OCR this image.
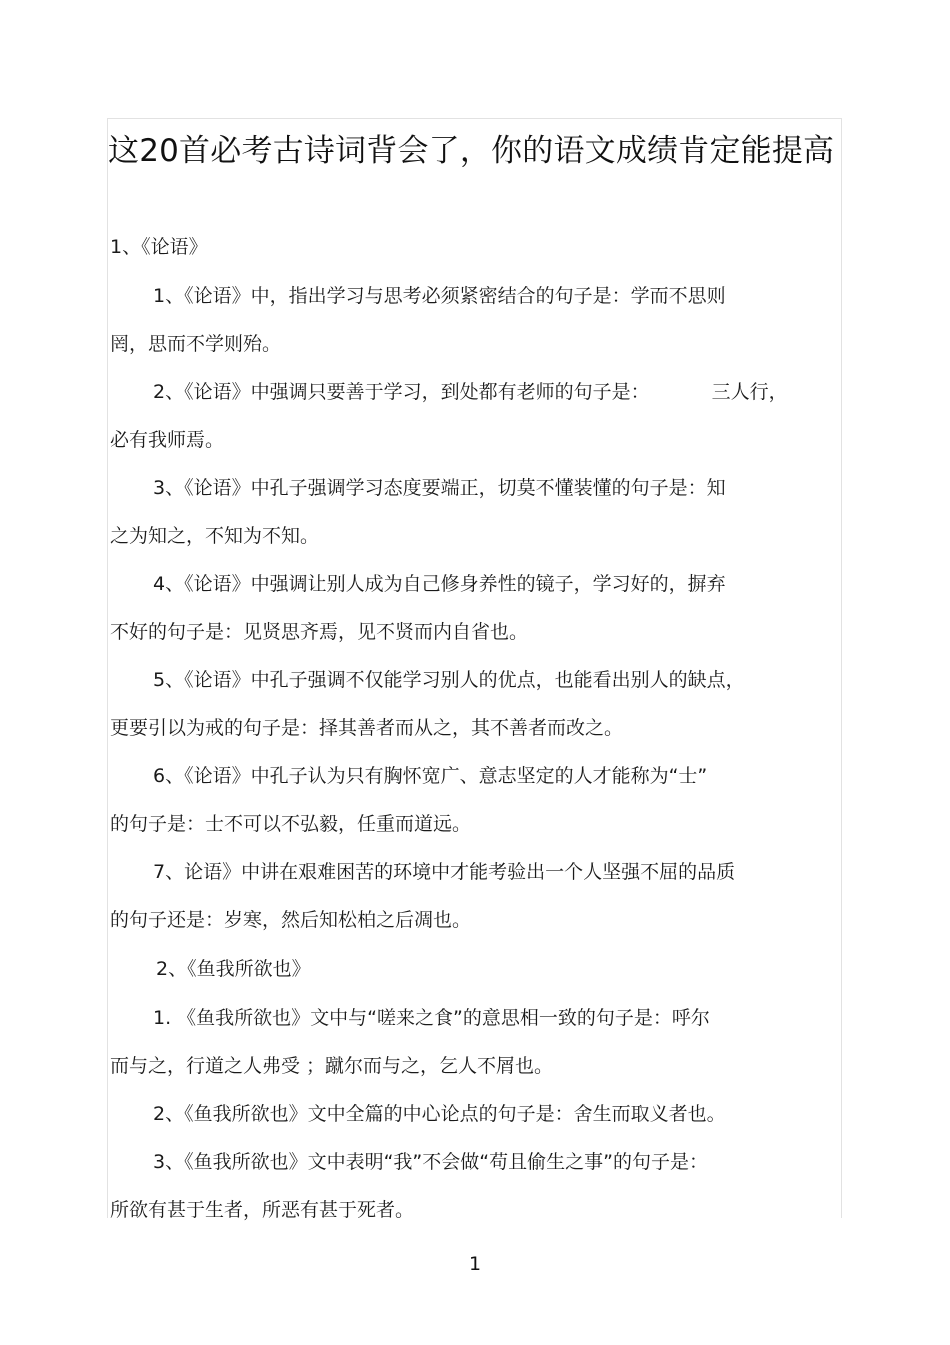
这20首必考古诗词背会了，你的语文成绩肯定能提高

1、《论语》

1、《论语》中，指出学习与思考必须紧密结合的句子是：学而不思则

罔，思而不学则殆。

2、《论语》中强调只要善于学习，到处都有老师的句子是：	三人行，

必有我师焉。

3、《论语》中孔子强调学习态度要端正，切莫不懂装懂的句子是：知

之为知之，不知为不知。

4、《论语》中强调让别人成为自己修身养性的镜子，学习好的，摒弃

不好的句子是：见贤思齐焉，见不贤而内自省也。

5、《论语》中孔子强调不仅能学习别人的优点，也能看出别人的缺点，

更要引以为戒的句子是：择其善者而从之，其不善者而改之。

6、《论语》中孔子认为只有胸怀宽广、意志坚定的人才能称为“士”

的句子是：士不可以不弘毅，任重而道远。

7、论语》中讲在艰难困苦的环境中才能考验出一个人坚强不屈的品质

的句子还是：岁寒，然后知松柏之后凋也。

2、《鱼我所欲也》

1. 《鱼我所欲也》文中与“嗟来之食”的意思相一致的句子是：呼尔

而与之，行道之人弗受 ；蹴尔而与之，乞人不屑也。

2、《鱼我所欲也》文中全篇的中心论点的句子是：舍生而取义者也。

3、《鱼我所欲也》文中表明“我”不会做“苟且偷生之事”的句子是：

所欲有甚于生者，所恶有甚于死者。

1
